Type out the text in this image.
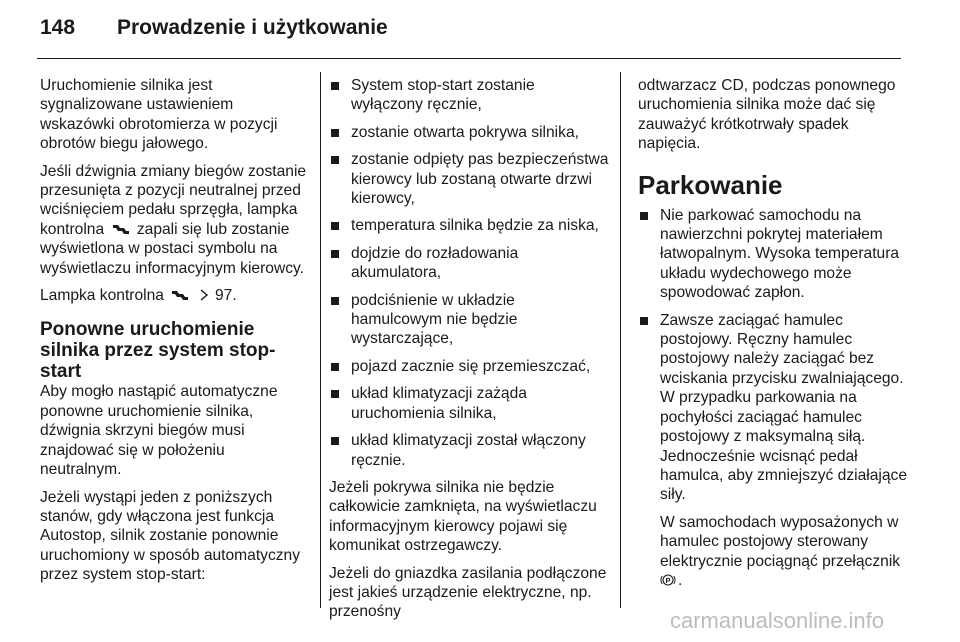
148 Prowadzenie i użytkowanie

Uruchomienie silnika jest sygnalizowane ustawieniem wskazówki obrotomierza w pozycji obrotów biegu jałowego.

Jeśli dźwignia zmiany biegów zostanie przesunięta z pozycji neutralnej przed wciśnięciem pedału sprzęgła, lampka kontrolna zapali się lub zostanie wyświetlona w postaci symbolu na wyświetlaczu informacyjnym kierowcy.

Lampka kontrolna	97.

Ponowne uruchomienie silnika przez system stop-start

Aby mogło nastąpić automatyczne ponowne uruchomienie silnika, dźwignia skrzyni biegów musi znajdować się w położeniu neutralnym.

Jeżeli wystąpi jeden z poniższych stanów, gdy włączona jest funkcja Autostop, silnik zostanie ponownie uruchomiony w sposób automatyczny przez system stop-start:

System stop-start zostanie wyłączony ręcznie,
zostanie otwarta pokrywa silnika,
zostanie odpięty pas bezpieczeństwa kierowcy lub zostaną otwarte drzwi kierowcy,
temperatura silnika będzie za niska,
dojdzie do rozładowania akumulatora,
podciśnienie w układzie hamulcowym nie będzie wystarczające,
pojazd zacznie się przemieszczać,
układ klimatyzacji zażąda uruchomienia silnika,
układ klimatyzacji został włączony ręcznie.

Jeżeli pokrywa silnika nie będzie całkowicie zamknięta, na wyświetlaczu informacyjnym kierowcy pojawi się komunikat ostrzegawczy.

Jeżeli do gniazdka zasilania podłączone jest jakieś urządzenie elektryczne, np. przenośny

odtwarzacz CD, podczas ponownego uruchomienia silnika może dać się zauważyć krótkotrwały spadek napięcia.

Parkowanie
Nie parkować samochodu na nawierzchni pokrytej materiałem łatwopalnym. Wysoka temperatura układu wydechowego może spowodować zapłon.
Zawsze zaciągać hamulec postojowy. Ręczny hamulec postojowy należy zaciągać bez wciskania przycisku zwalniającego. W przypadku parkowania na pochyłości zaciągać hamulec postojowy z maksymalną siłą. Jednocześnie wcisnąć pedał hamulca, aby zmniejszyć działające siły.

W samochodach wyposażonych w hamulec postojowy sterowany elektrycznie pociągnąć przełącznik
P .

carmanualsonline.info
